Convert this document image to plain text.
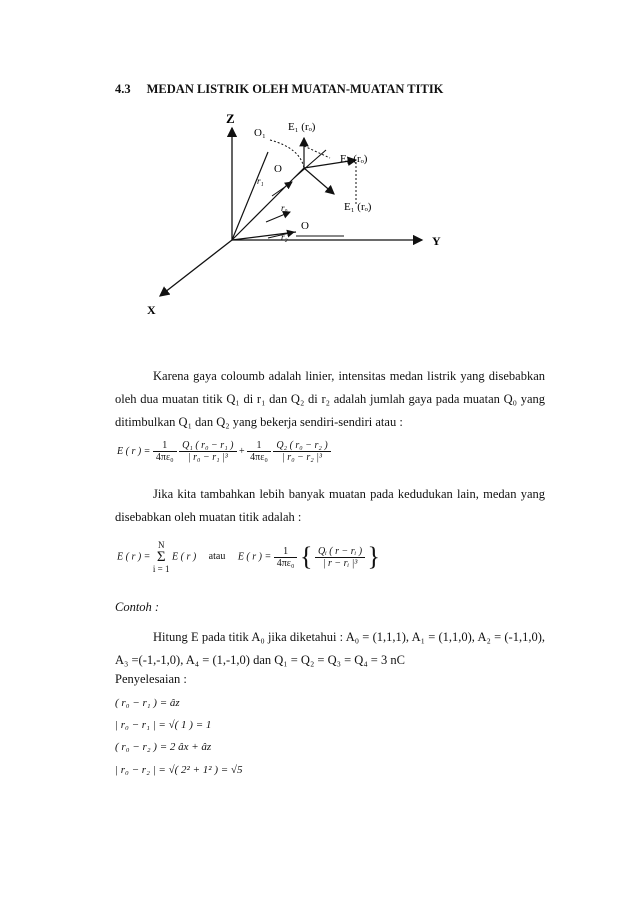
4.3 MEDAN LISTRIK OLEH MUATAN-MUATAN TITIK
Z
Y
X
O₁
O
O
E₁ (rₒ)
E₀ (rₒ)
E₁ (rₒ)
r₁
r₀
r₂
Karena gaya coloumb adalah linier, intensitas medan listrik yang disebabkan oleh dua muatan titik Q₁ di r₁ dan Q₂ di r₂ adalah jumlah gaya pada muatan Q₀ yang ditimbulkan Q₁ dan Q₂ yang bekerja sendiri-sendiri atau :
E ( r ) = $\frac{1}{\text{4πε₀}}$
$\frac{\text{Q₁ ( r₀ − r₁ )}}{\text{| r₀ − r₁ |³}} + \frac{1}{\text{4πε₀}}$
$\frac{\text{Q₂ ( r₀ − r₂ )}}{\text{| r₀ − r₂ |³}}$
Jika kita tambahkan lebih banyak muatan pada kedudukan lain, medan yang disebabkan oleh muatan titik adalah :
E ( r ) =
N
Σ
i = 1
E ( r ) atau E ( r ) = $\frac{1}{\text{4πε₀}}$ { $\frac{\text{Qᵢ ( r − rᵢ )}}{\text{| r − rᵢ |³}}$ }
Contoh :
Hitung E pada titik A₀ jika diketahui : A₀ = (1,1,1), A₁ = (1,1,0), A₂ = (-1,1,0), A₃ =(-1,-1,0), A₄ = (1,-1,0) dan Q₁ = Q₂ = Q₃ = Q₄ = 3 nC
Penyelesaian :
( r₀ − r₁ ) = âz
| r₀ − r₁ | = √( 1 ) = 1
( r₀ − r₂ ) = 2 âx + âz
| r₀ − r₂ | = √( 2² + 1² ) = √5
